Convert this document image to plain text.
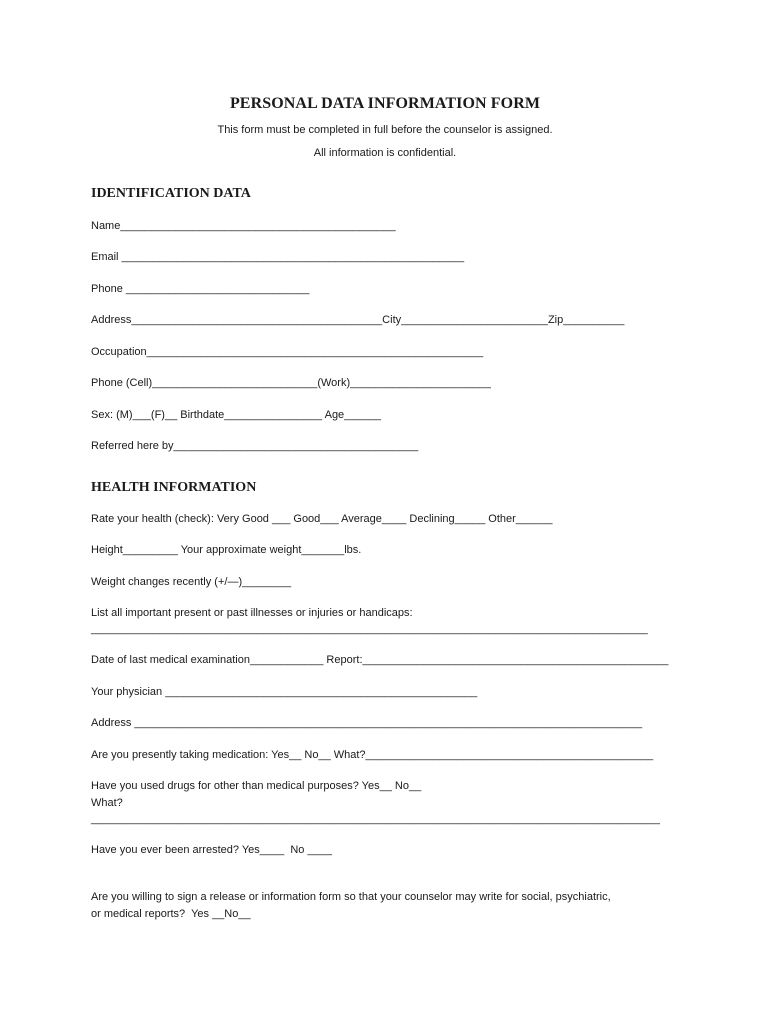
PERSONAL DATA INFORMATION FORM
This form must be completed in full before the counselor is assigned.
All information is confidential.
IDENTIFICATION DATA
Name_____________________________________________
Email ________________________________________________________
Phone ______________________________
Address_________________________________________City________________________Zip__________
Occupation_______________________________________________________
Phone (Cell)___________________________(Work)_______________________
Sex: (M)___(F)__ Birthdate________________ Age______
Referred here by________________________________________
HEALTH INFORMATION
Rate your health (check): Very Good ___ Good___ Average____ Declining_____ Other______
Height_________ Your approximate weight_______lbs.
Weight changes recently (+/—)________
List all important present or past illnesses or injuries or handicaps:
___________________________________________________________________________________________
Date of last medical examination____________ Report:__________________________________________________
Your physician ___________________________________________________
Address ___________________________________________________________________________________
Are you presently taking medication: Yes__ No__ What?_______________________________________________
Have you used drugs for other than medical purposes? Yes__ No__
What?
_____________________________________________________________________________________________
Have you ever been arrested? Yes____  No ____
Are you willing to sign a release or information form so that your counselor may write for social, psychiatric,
or medical reports?  Yes __No__
